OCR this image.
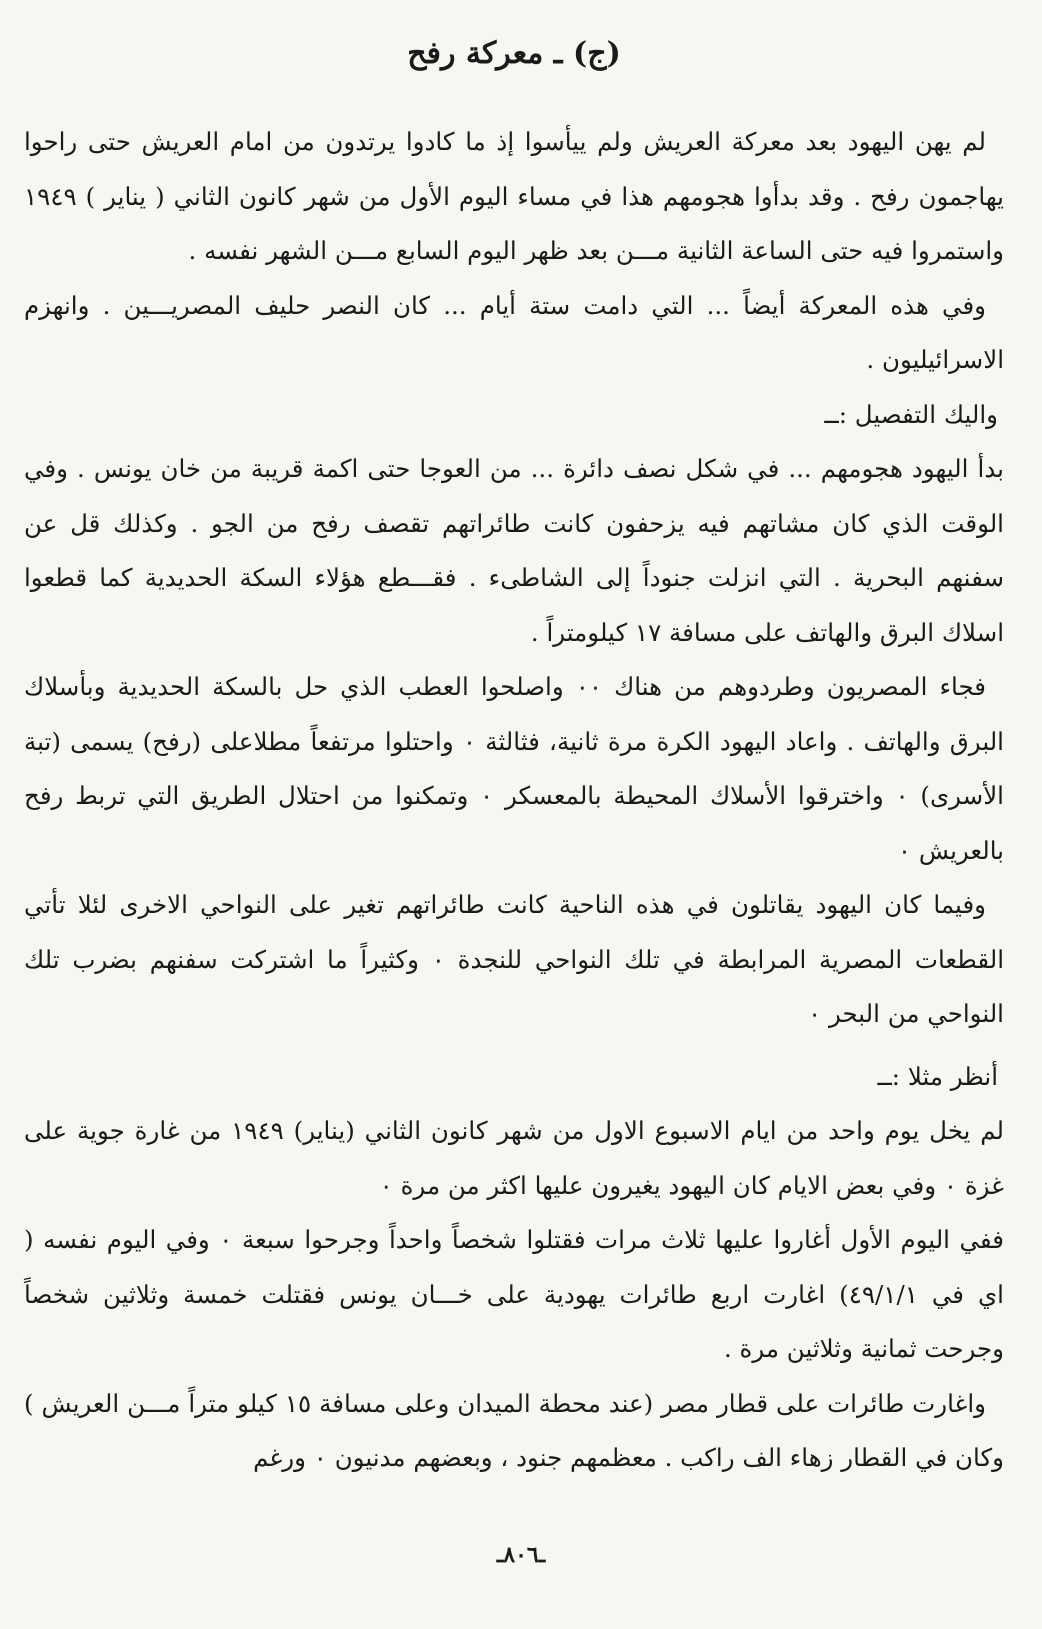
(ج) ـ معركة رفح

لم يهن اليهود بعد معركة العريش ولم ييأسوا إذ ما كادوا يرتدون من امام العريش حتى راحوا يهاجمون رفح . وقد بدأوا هجومهم هذا في مساء اليوم الأول من شهر كانون الثاني ( يناير ) ١٩٤٩ واستمروا فيه حتى الساعة الثانية مـــن بعد ظهر اليوم السابع مـــن الشهر نفسه .

وفي هذه المعركة أيضاً ... التي دامت ستة أيام ... كان النصر حليف المصريـــين . وانهزم الاسرائيليون .

واليك التفصيل :ــ

بدأ اليهود هجومهم ... في شكل نصف دائرة ... من العوجا حتى اكمة قريبة من خان يونس . وفي الوقت الذي كان مشاتهم فيه يزحفون كانت طائراتهم تقصف رفح من الجو . وكذلك قل عن سفنهم البحرية . التي انزلت جنوداً إلى الشاطىء . فقـــطع هؤلاء السكة الحديدية كما قطعوا اسلاك البرق والهاتف على مسافة ١٧ كيلومتراً .

فجاء المصريون وطردوهم من هناك ٠٠ واصلحوا العطب الذي حل بالسكة الحديدية وبأسلاك البرق والهاتف . واعاد اليهود الكرة مرة ثانية، فثالثة ٠ واحتلوا مرتفعاً مطلاعلى (رفح) يسمى (تبة الأسرى) ٠ واخترقوا الأسلاك المحيطة بالمعسكر ٠ وتمكنوا من احتلال الطريق التي تربط رفح بالعريش ٠

وفيما كان اليهود يقاتلون في هذه الناحية كانت طائراتهم تغير على النواحي الاخرى لئلا تأتي القطعات المصرية المرابطة في تلك النواحي للنجدة ٠ وكثيراً ما اشتركت سفنهم بضرب تلك النواحي من البحر ٠

أنظر مثلا :ــ

لم يخل يوم واحد من ايام الاسبوع الاول من شهر كانون الثاني (يناير) ١٩٤٩ من غارة جوية على غزة ٠ وفي بعض الايام كان اليهود يغيرون عليها اكثر من مرة ٠

ففي اليوم الأول أغاروا عليها ثلاث مرات فقتلوا شخصاً واحداً وجرحوا سبعة ٠ وفي اليوم نفسه ( اي في ٤٩/١/١) اغارت اربع طائرات يهودية على خـــان يونس فقتلت خمسة وثلاثين شخصاً وجرحت ثمانية وثلاثين مرة .

واغارت طائرات على قطار مصر (عند محطة الميدان وعلى مسافة ١٥ كيلو متراً مـــن العريش ) وكان في القطار زهاء الف راكب . معظمهم جنود ، وبعضهم مدنيون ٠ ورغم

ـ٨٠٦ـ
